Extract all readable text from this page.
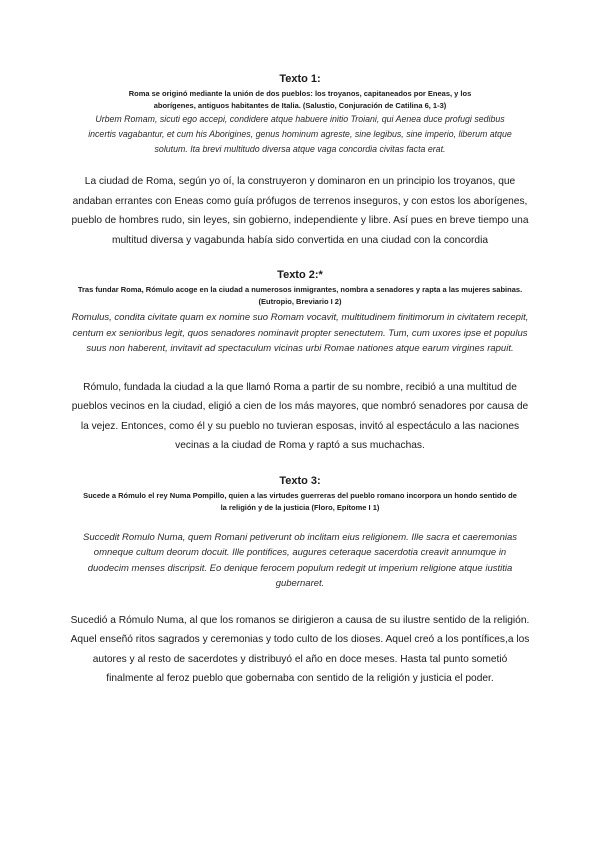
Texto 1:

Roma se originó mediante la unión de dos pueblos: los troyanos, capitaneados por Eneas, y los aborígenes, antiguos habitantes de Italia. (Salustio, Conjuración de Catilina 6, 1-3)

Urbem Romam, sicuti ego accepi, condidere atque habuere initio Troiani, qui Aenea duce profugi sedibus incertis vagabantur, et cum his Aborigines, genus hominum agreste, sine legibus, sine imperio, liberum atque solutum. Ita brevi multitudo diversa atque vaga concordia civitas facta erat.

La ciudad de Roma, según yo oí, la construyeron y dominaron en un principio los troyanos, que andaban errantes con Eneas como guía prófugos de terrenos inseguros, y con estos los aborígenes, pueblo de hombres rudo, sin leyes, sin gobierno, independiente y libre. Así pues en breve tiempo una multitud diversa y vagabunda había sido convertida en una ciudad con la concordia

Texto 2:*

Tras fundar Roma, Rómulo acoge en la ciudad a numerosos inmigrantes, nombra a senadores y rapta a las mujeres sabinas. (Eutropio, Breviario I 2)

Romulus, condita civitate quam ex nomine suo Romam vocavit, multitudinem finitimorum in civitatem recepit, centum ex senioribus legit, quos senadores nominavit propter senectutem. Tum, cum uxores ipse et populus suus non haberent, invitavit ad spectaculum vicinas urbi Romae nationes atque earum virgines rapuit.

Rómulo, fundada la ciudad a la que llamó Roma a partir de su nombre, recibió a una multitud de pueblos vecinos en la ciudad, eligió a cien de los más mayores, que nombró senadores por causa de la vejez. Entonces, como él y su pueblo no tuvieran esposas, invitó al espectáculo a las naciones vecinas a la ciudad de Roma y raptó a sus muchachas.

Texto 3:

Sucede a Rómulo el rey Numa Pompillo, quien a las virtudes guerreras del pueblo romano incorpora un hondo sentido de la religión y de la justicia (Floro, Epítome I 1)

Succedit Romulo Numa, quem Romani petiverunt ob inclitam eius religionem. Ille sacra et caeremonias omneque cultum deorum docuit. Ille pontifices, augures ceteraque sacerdotia creavit annumque in duodecim menses discripsit. Eo denique ferocem populum redegit ut imperium religione atque iustitia gubernaret.

Sucedió a Rómulo Numa, al que los romanos se dirigieron a causa de su ilustre sentido de la religión. Aquel enseñó ritos sagrados y ceremonias y todo culto de los dioses. Aquel creó a los pontífices,a los autores y al resto de sacerdotes y distribuyó el año en doce meses. Hasta tal punto sometió finalmente al feroz pueblo que gobernaba con sentido de la religión y justicia el poder.
